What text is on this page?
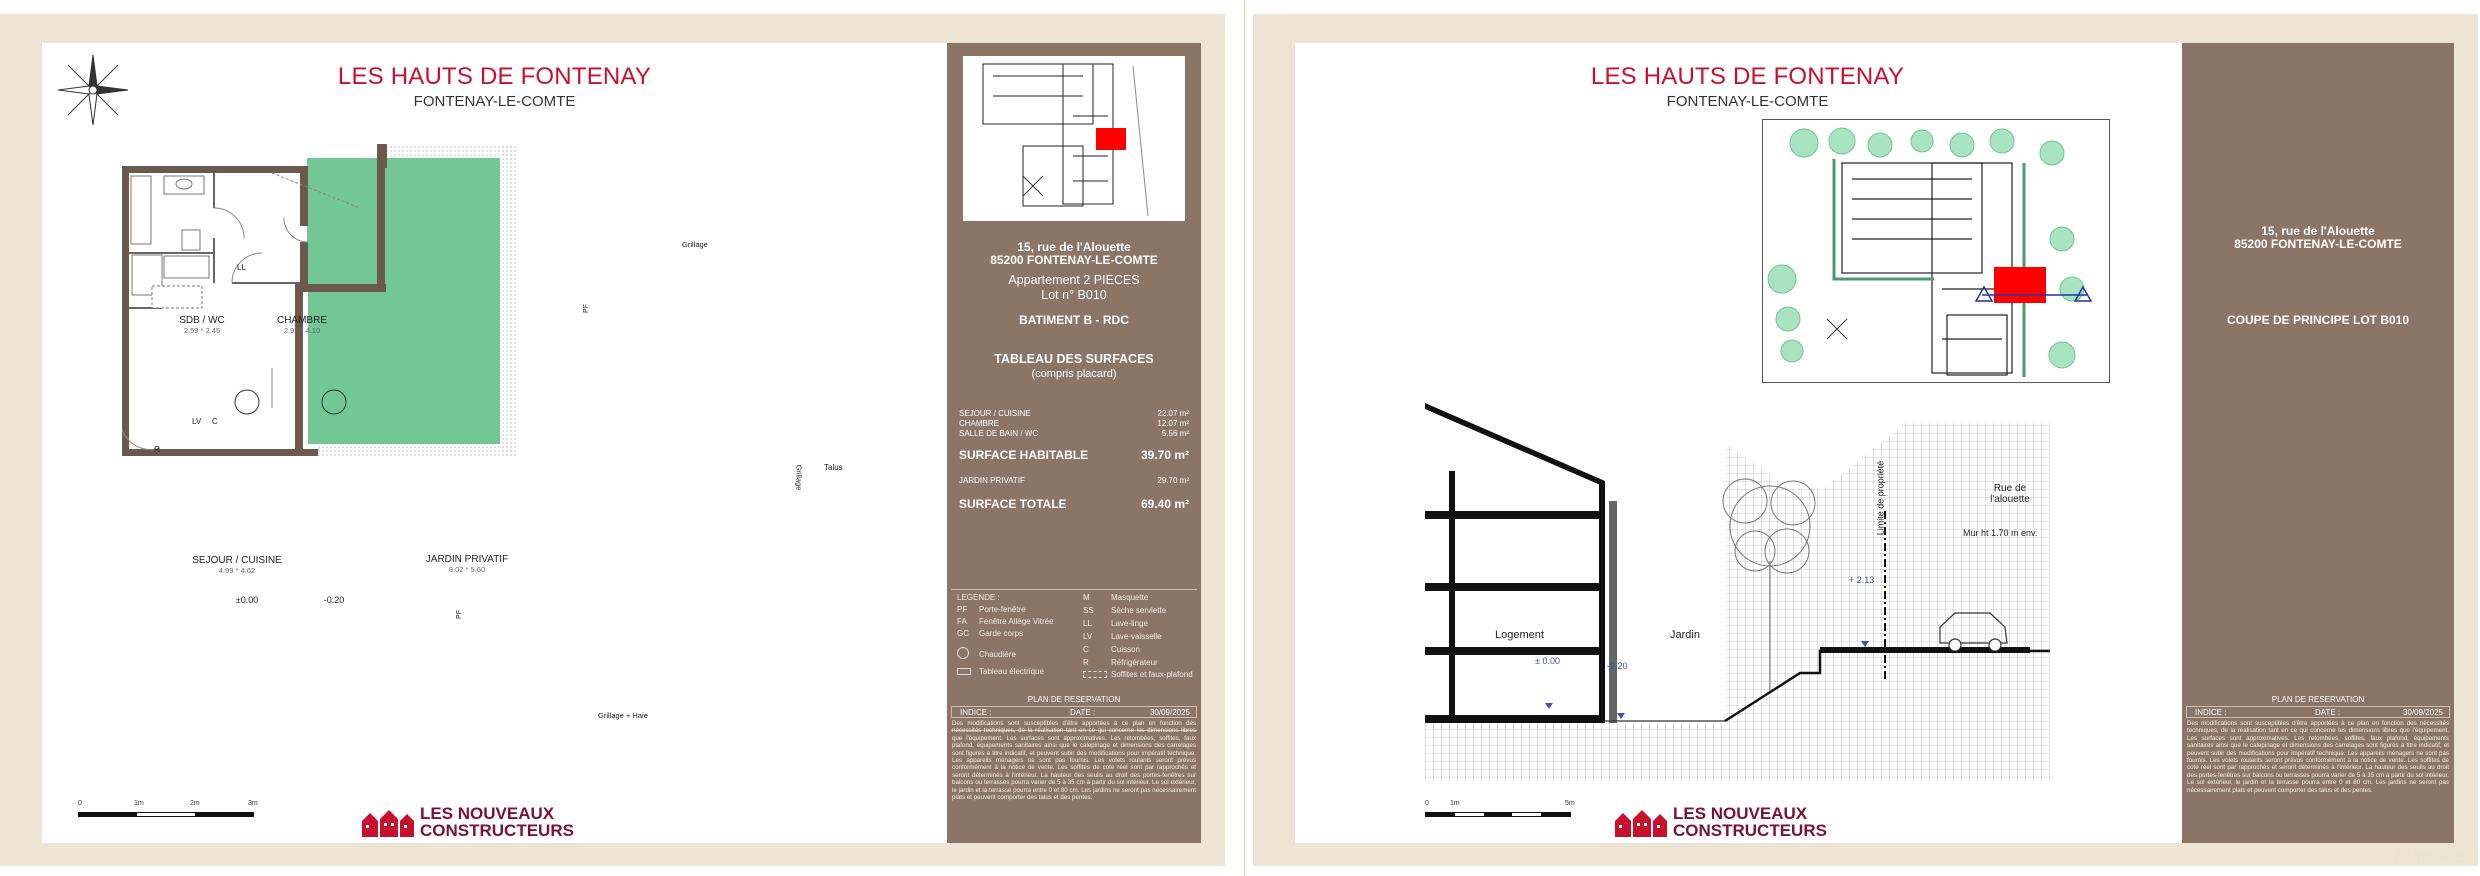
LES HAUTS DE FONTENAY
FONTENAY-LE-COMTE
SDB / WC
2.59 * 2.45
CHAMBRE
2.95 * 4.10
SEJOUR / CUISINE
4.99 * 4.62
JARDIN PRIVATIF
8.02 * 5.60
±0.00	-0.20
LL
LV C
R
PF
PF
Grillage
Grillage
Grillage + Haie
Talus
0	1m	2m	3m
LES NOUVEAUX
CONSTRUCTEURS
15, rue de l'Alouette
85200 FONTENAY-LE-COMTE
Appartement 2 PIECES
Lot n° B010
BATIMENT B - RDC
TABLEAU DES SURFACES
(compris placard)
SEJOUR / CUISINE	22.07 m²
CHAMBRE	12.07 m²
SALLE DE BAIN / WC	5.56 m²
SURFACE HABITABLE	39.70 m²
JARDIN PRIVATIF	29.70 m²
SURFACE TOTALE	69.40 m²
LEGENDE :
PF Porte-fenêtre
FA Fenêtre Allège Vitrée
GC Garde corps
Chaudière
Tableau électrique
M	Masquette
SS Sèche serviette
LL Lave-linge
LV Lave-vaisselle
C	Cuisson
R	Réfrigérateur
Soffites et faux-plafond
PLAN DE RESERVATION
INDICE :	DATE :	30/09/2025
Des modifications sont susceptibles d'être apportées à ce plan en fonction des nécessités techniques, de la réalisation tant en ce qui concerne les dimensions libres que l'équipement. Les surfaces sont approximatives. Les retombées, soffites, faux plafond, équipements sanitaires ainsi que le calepinage et dimensions des carrelages sont figurés à titre indicatif, et peuvent subir des modifications pour impératif technique. Les appareils ménagers ne sont pas fournis. Les volets roulants seront prévus conformément à la notice de vente. Les soffites de cote réel sont par rapprochés et seront déterminés à l'intérieur. La hauteur des seuils au droit des portes-fenêtres sur balcons ou terrasses pourra varier de 5 à 35 cm à partir du sol intérieur. Le sol extérieur, le jardin et la terrasse pourra entre 0 et 80 cm. Les jardins ne seront pas nécessairement plats et peuvent comporter des talus et des pentes.
LES HAUTS DE FONTENAY
FONTENAY-LE-COMTE
Logement	Jardin
± 0.00	-0.20
+ 2.13
Limite de propriété	Rue de l'alouette
Mur ht 1.70 m env.
0	1m	5m
LES NOUVEAUX
CONSTRUCTEURS
15, rue de l'Alouette
85200 FONTENAY-LE-COMTE
COUPE DE PRINCIPE LOT B010
PLAN DE RESERVATION
INDICE :	DATE :	30/09/2025
Des modifications sont susceptibles d'être apportées à ce plan en fonction des nécessités techniques, de la réalisation tant en ce qui concerne les dimensions libres que l'équipement. Les surfaces sont approximatives. Les retombées, soffites, faux plafond, équipements sanitaires ainsi que le calepinage et dimensions des carrelages sont figurés à titre indicatif, et peuvent subir des modifications pour impératif technique. Les appareils ménagers ne sont pas fournis. Les volets roulants seront prévus conformément à la notice de vente. Les soffites de cote réel sont par rapprochés et seront déterminés à l'intérieur. La hauteur des seuils au droit des portes-fenêtres sur balcons ou terrasses pourra varier de 5 à 35 cm à partir du sol intérieur. Le sol extérieur, le jardin et la terrasse pourra entre 0 et 80 cm. Les jardins ne seront pas nécessairement plats et peuvent comporter des talus et des pentes.
Flandee
